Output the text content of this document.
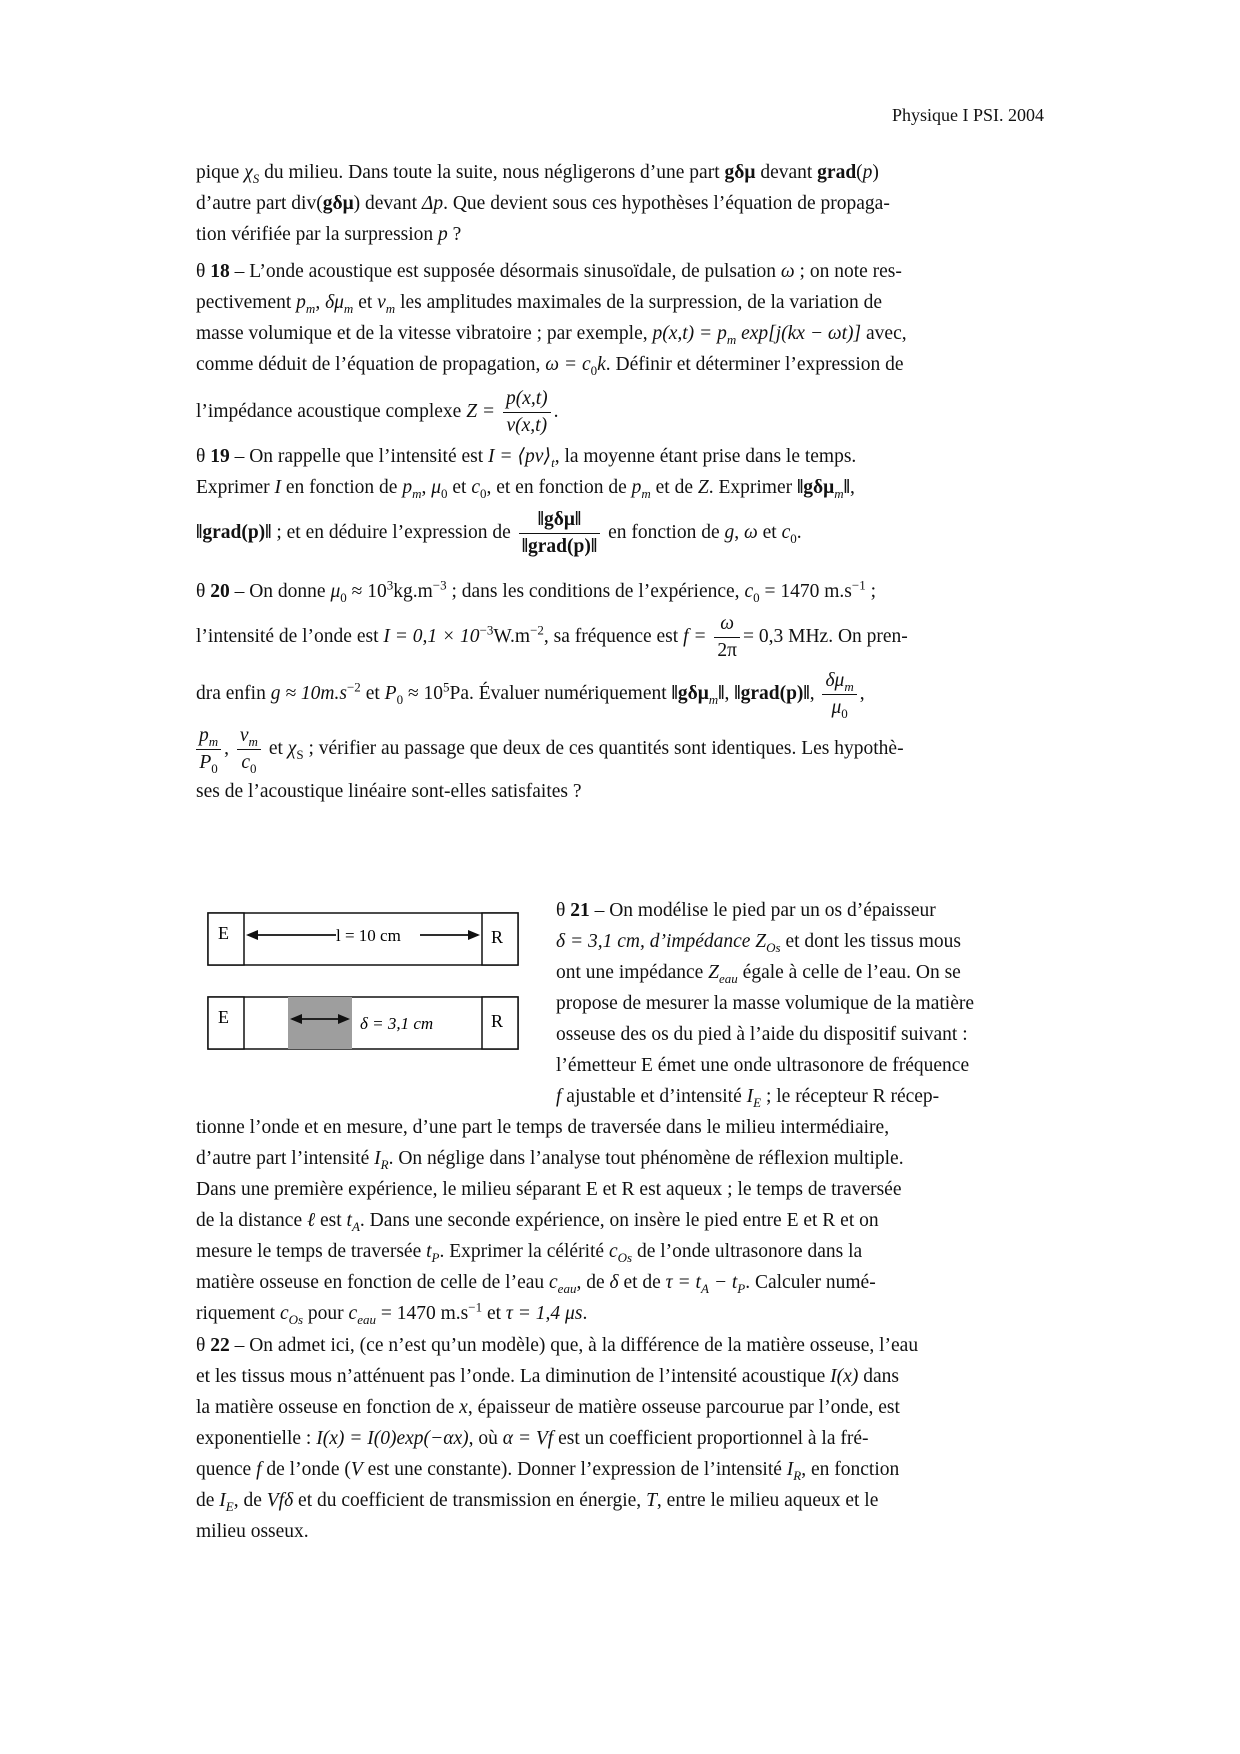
Physique I PSI. 2004
pique $\chi_S$ du milieu. Dans toute la suite, nous négligerons d’une part gδμ devant grad(p)
d’autre part div(gδμ) devant Δp. Que devient sous ces hypothèses l’équation de propaga-
tion vérifiée par la surpression p ?
θ 18 – L’onde acoustique est supposée désormais sinusoïdale, de pulsation ω ; on note res-
pectivement $p_m$, $\delta\mu_m$ et $v_m$ les amplitudes maximales de la surpression, de la variation de
masse volumique et de la vitesse vibratoire ; par exemple, $p(x,t) = p_m$ exp[j(kx − ωt)] avec,
comme déduit de l’équation de propagation, $\omega = c_0k$. Définir et déterminer l’expression de
l’impédance acoustique complexe $Z = \frac{p(x,t)}{v(x,t)}$ .
θ 19 – On rappelle que l’intensité est $I = ⟨pv⟩_t$, la moyenne étant prise dans le temps.
Exprimer I en fonction de $p_m$, $\mu_0$ et $c_0$, et en fonction de $p_m$ et de Z. Exprimer ‖gδμ$_m$‖,
‖grad(p)‖ ; et en déduire l’expression de $\frac{\text{‖gδμ‖}}{\text{‖grad(p)‖}}$ en fonction de g, ω et $c_0$.
θ 20 – On donne $\mu_0 \approx 10^3kg.m^{-3}$ ; dans les conditions de l’expérience, $c_0 = 1470$ $m.s^{-1}$ ;
l’intensité de l’onde est $I = 0,1 \times 10^{-3}W.m^{-2}$, sa fréquence est $f = \frac{\omega}{2\pi} = 0,3$ MHz. On pren-
dra enfin $g \approx 10m.s^{-2}$ et $P_0 \approx 10^5Pa$. Évaluer numériquement ‖gδμ$_m$‖, ‖grad(p)‖, $\frac{\delta\mu_m}{\mu_0}$ ,
$\frac{p_m}{P_0}$ , $\frac{v_m}{c_0}$ et $\chi_S$ ; vérifier au passage que deux de ces quantités sont identiques. Les hypothè-
ses de l’acoustique linéaire sont-elles satisfaites ?
E	R
l = 10 cm
E	R
δ = 3,1 cm
θ 21 – On modélise le pied par un os d’épaisseur
δ = 3,1 cm, d’impédance $Z_{Os}$ et dont les tissus mous
ont une impédance $Z_{eau}$ égale à celle de l’eau. On se
propose de mesurer la masse volumique de la matière
osseuse des os du pied à l’aide du dispositif suivant :
l’émetteur E émet une onde ultrasonore de fréquence
f ajustable et d’intensité $I_E$ ; le récepteur R récep-
tionne l’onde et en mesure, d’une part le temps de traversée dans le milieu intermédiaire,
d’autre part l’intensité $I_R$. On néglige dans l’analyse tout phénomène de réflexion multiple.
Dans une première expérience, le milieu séparant E et R est aqueux ; le temps de traversée
de la distance ℓ est $t_A$. Dans une seconde expérience, on insère le pied entre E et R et on
mesure le temps de traversée $t_P$. Exprimer la célérité $c_{Os}$ de l’onde ultrasonore dans la
matière osseuse en fonction de celle de l’eau $c_{eau}$, de δ et de $\tau = t_A - t_P$. Calculer numé-
riquement $c_{Os}$ pour $c_{eau} = 1470$ $m.s^{-1}$ et τ = 1,4 μs.
θ 22 – On admet ici, (ce n’est qu’un modèle) que, à la différence de la matière osseuse, l’eau
et les tissus mous n’atténuent pas l’onde. La diminution de l’intensité acoustique I(x) dans
la matière osseuse en fonction de x, épaisseur de matière osseuse parcourue par l’onde, est
exponentielle : I(x) = I(0)exp(−αx), où α = Vf est un coefficient proportionnel à la fré-
quence f de l’onde (V est une constante). Donner l’expression de l’intensité $I_R$, en fonction
de $I_E$, de Vfδ et du coefficient de transmission en énergie, T, entre le milieu aqueux et le
milieu osseux.
